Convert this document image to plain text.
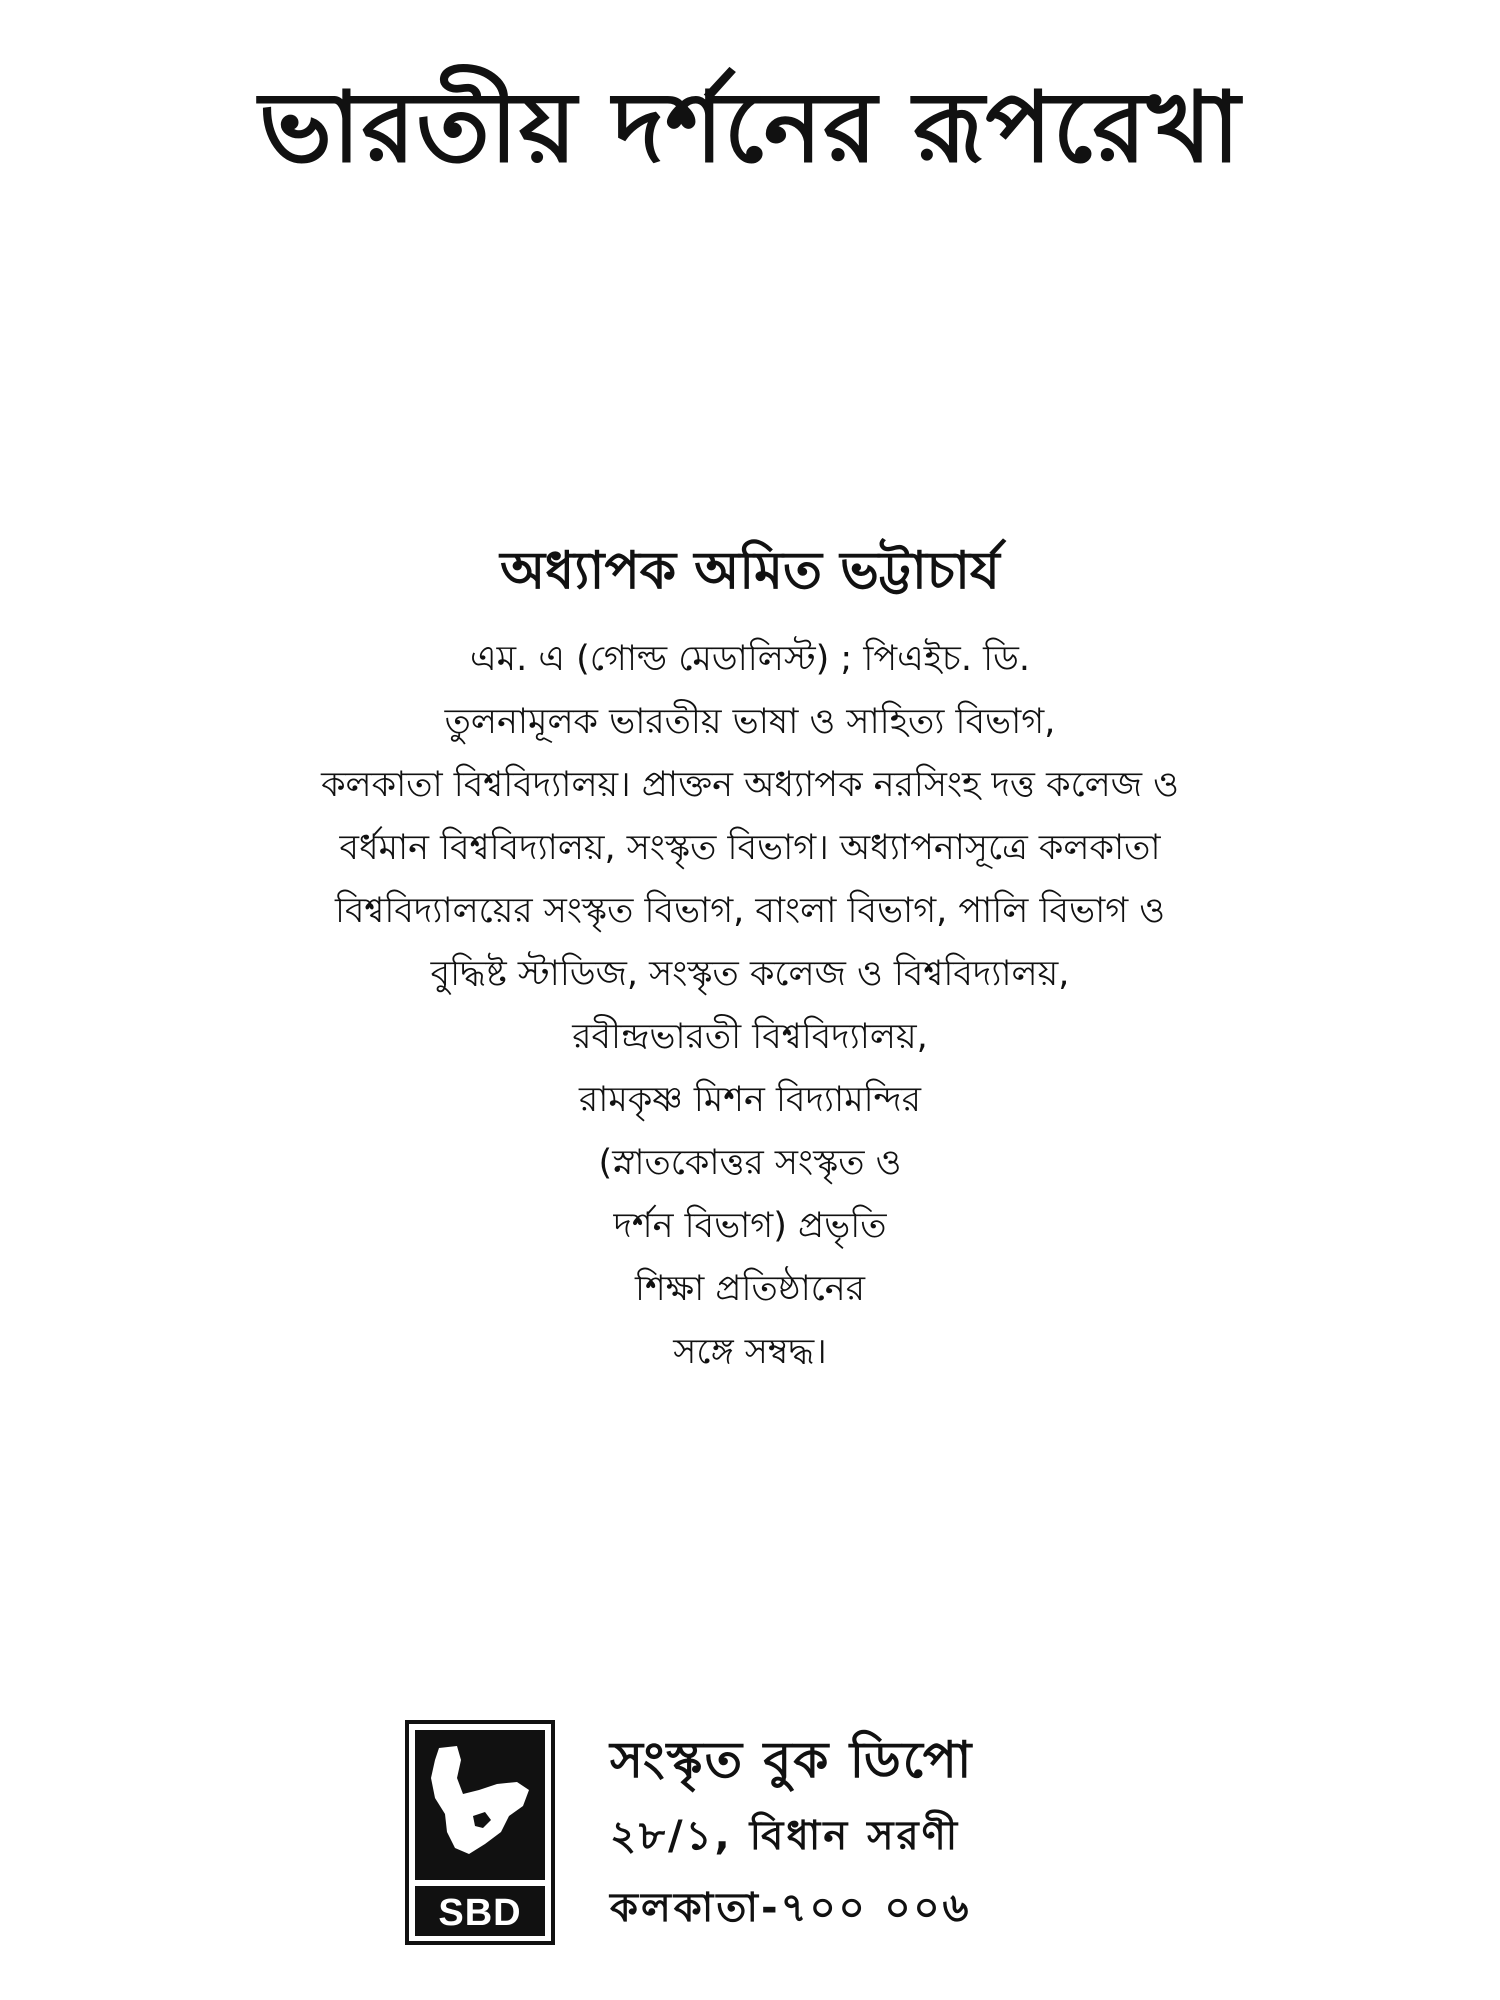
ভারতীয় দর্শনের রূপরেখা
অধ্যাপক অমিত ভট্টাচার্য
এম. এ (গোল্ড মেডালিস্ট) ; পিএইচ. ডি.
তুলনামূলক ভারতীয় ভাষা ও সাহিত্য বিভাগ,
কলকাতা বিশ্ববিদ্যালয়। প্রাক্তন অধ্যাপক নরসিংহ দত্ত কলেজ ও
বর্ধমান বিশ্ববিদ্যালয়, সংস্কৃত বিভাগ। অধ্যাপনাসূত্রে কলকাতা
বিশ্ববিদ্যালয়ের সংস্কৃত বিভাগ, বাংলা বিভাগ, পালি বিভাগ ও
বুদ্ধিষ্ট স্টাডিজ, সংস্কৃত কলেজ ও বিশ্ববিদ্যালয়,
রবীন্দ্রভারতী বিশ্ববিদ্যালয়,
রামকৃষ্ণ মিশন বিদ্যামন্দির
(স্নাতকোত্তর সংস্কৃত ও
দর্শন বিভাগ) প্রভৃতি
শিক্ষা প্রতিষ্ঠানের
সঙ্গে সম্বদ্ধ।
SBD
সংস্কৃত বুক ডিপো
২৮/১, বিধান সরণী
কলকাতা-৭০০ ০০৬
